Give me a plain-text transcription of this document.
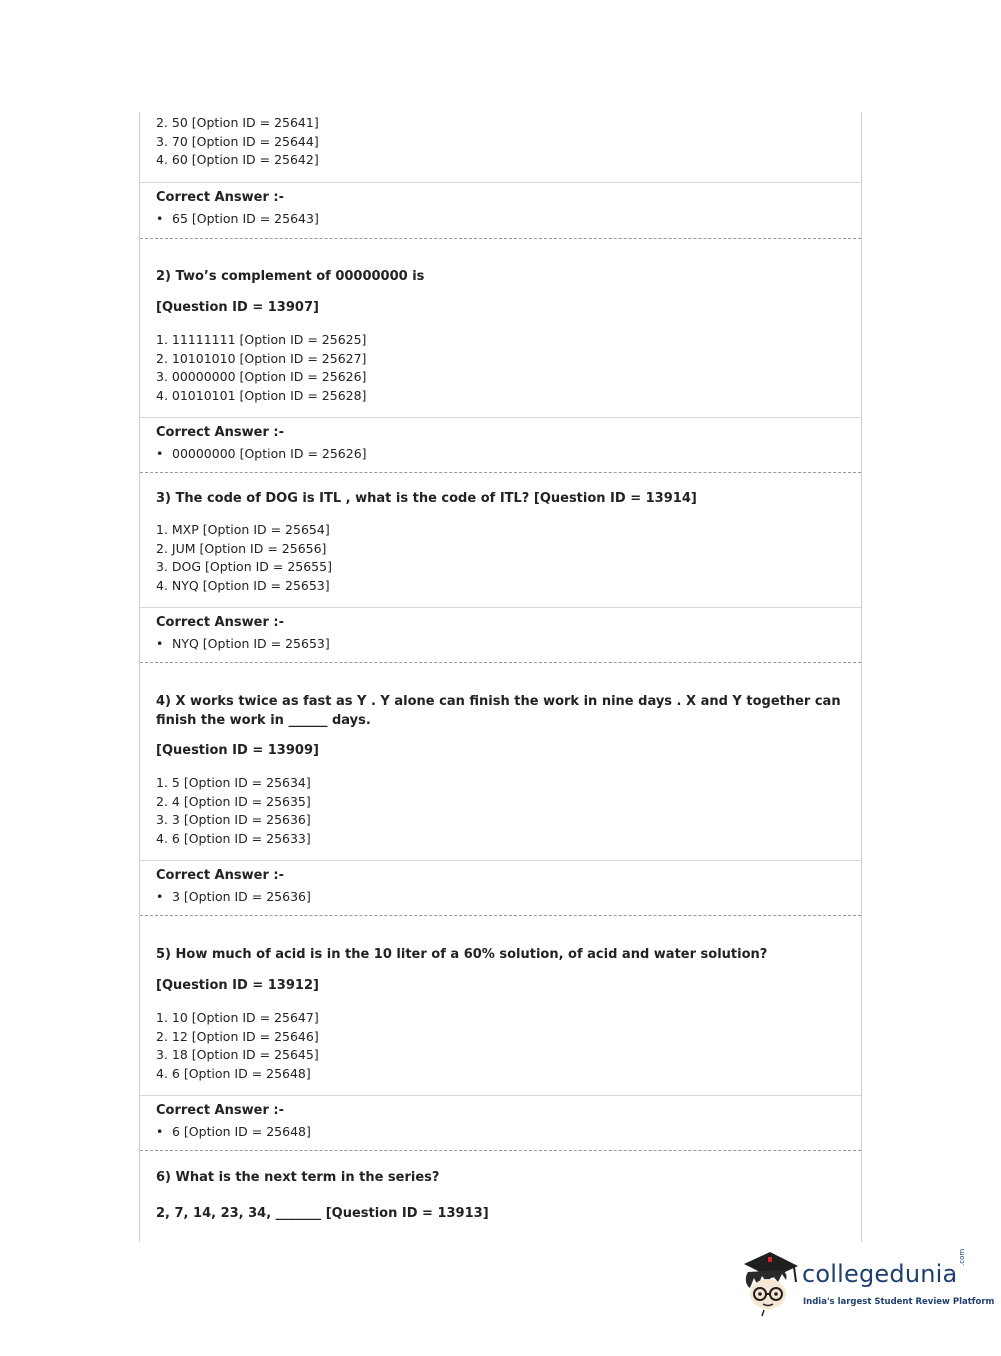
2. 50 [Option ID = 25641]
3. 70 [Option ID = 25644]
4. 60 [Option ID = 25642]
Correct Answer :-
• 65 [Option ID = 25643]
2) Two’s complement of 00000000 is
[Question ID = 13907]
1. 11111111 [Option ID = 25625]
2. 10101010 [Option ID = 25627]
3. 00000000 [Option ID = 25626]
4. 01010101 [Option ID = 25628]
Correct Answer :-
• 00000000 [Option ID = 25626]
3) The code of DOG is ITL , what is the code of ITL? [Question ID = 13914]
1. MXP [Option ID = 25654]
2. JUM [Option ID = 25656]
3. DOG [Option ID = 25655]
4. NYQ [Option ID = 25653]
Correct Answer :-
• NYQ [Option ID = 25653]
4) X works twice as fast as Y . Y alone can finish the work in nine days . X and Y together can finish the work in ______ days.
[Question ID = 13909]
1. 5 [Option ID = 25634]
2. 4 [Option ID = 25635]
3. 3 [Option ID = 25636]
4. 6 [Option ID = 25633]
Correct Answer :-
• 3 [Option ID = 25636]
5) How much of acid is in the 10 liter of a 60% solution, of acid and water solution?
[Question ID = 13912]
1. 10 [Option ID = 25647]
2. 12 [Option ID = 25646]
3. 18 [Option ID = 25645]
4. 6 [Option ID = 25648]
Correct Answer :-
• 6 [Option ID = 25648]
6) What is the next term in the series?
2, 7, 14, 23, 34, _______ [Question ID = 13913]
collegedunia
.com
India's largest Student Review Platform
